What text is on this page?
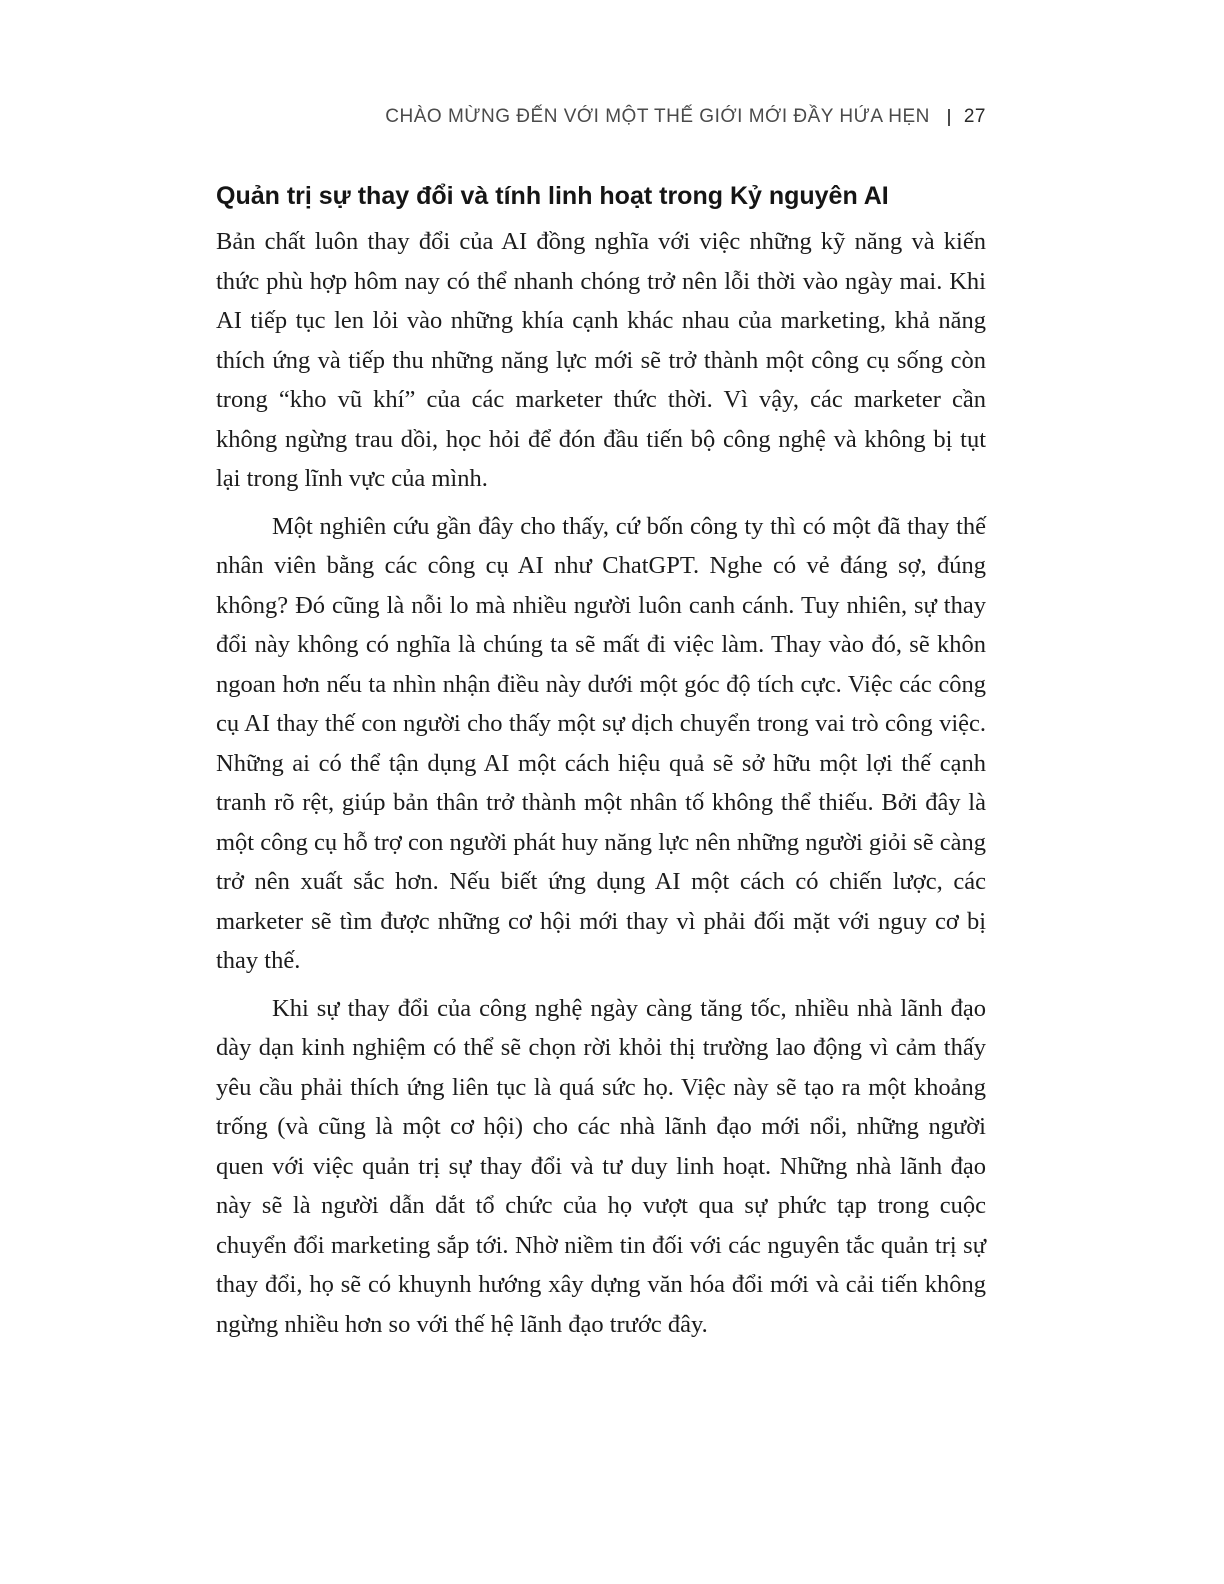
CHÀO MỪNG ĐẾN VỚI MỘT THẾ GIỚI MỚI ĐẦY HỨA HẸN 27
Quản trị sự thay đổi và tính linh hoạt trong Kỷ nguyên AI

Bản chất luôn thay đổi của AI đồng nghĩa với việc những kỹ năng và kiến thức phù hợp hôm nay có thể nhanh chóng trở nên lỗi thời vào ngày mai. Khi AI tiếp tục len lỏi vào những khía cạnh khác nhau của marketing, khả năng thích ứng và tiếp thu những năng lực mới sẽ trở thành một công cụ sống còn trong “kho vũ khí” của các marketer thức thời. Vì vậy, các marketer cần không ngừng trau dồi, học hỏi để đón đầu tiến bộ công nghệ và không bị tụt lại trong lĩnh vực của mình.

Một nghiên cứu gần đây cho thấy, cứ bốn công ty thì có một đã thay thế nhân viên bằng các công cụ AI như ChatGPT. Nghe có vẻ đáng sợ, đúng không? Đó cũng là nỗi lo mà nhiều người luôn canh cánh. Tuy nhiên, sự thay đổi này không có nghĩa là chúng ta sẽ mất đi việc làm. Thay vào đó, sẽ khôn ngoan hơn nếu ta nhìn nhận điều này dưới một góc độ tích cực. Việc các công cụ AI thay thế con người cho thấy một sự dịch chuyển trong vai trò công việc. Những ai có thể tận dụng AI một cách hiệu quả sẽ sở hữu một lợi thế cạnh tranh rõ rệt, giúp bản thân trở thành một nhân tố không thể thiếu. Bởi đây là một công cụ hỗ trợ con người phát huy năng lực nên những người giỏi sẽ càng trở nên xuất sắc hơn. Nếu biết ứng dụng AI một cách có chiến lược, các marketer sẽ tìm được những cơ hội mới thay vì phải đối mặt với nguy cơ bị thay thế.

Khi sự thay đổi của công nghệ ngày càng tăng tốc, nhiều nhà lãnh đạo dày dạn kinh nghiệm có thể sẽ chọn rời khỏi thị trường lao động vì cảm thấy yêu cầu phải thích ứng liên tục là quá sức họ. Việc này sẽ tạo ra một khoảng trống (và cũng là một cơ hội) cho các nhà lãnh đạo mới nổi, những người quen với việc quản trị sự thay đổi và tư duy linh hoạt. Những nhà lãnh đạo này sẽ là người dẫn dắt tổ chức của họ vượt qua sự phức tạp trong cuộc chuyển đổi marketing sắp tới. Nhờ niềm tin đối với các nguyên tắc quản trị sự thay đổi, họ sẽ có khuynh hướng xây dựng văn hóa đổi mới và cải tiến không ngừng nhiều hơn so với thế hệ lãnh đạo trước đây.
